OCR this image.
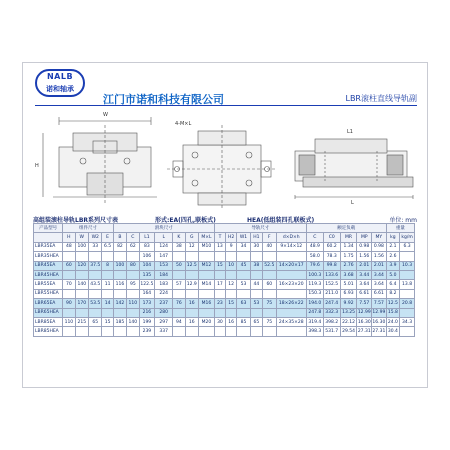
NALB
诺和轴承
江门市诺和科技有限公司	LBR滚柱直线导轨副
4-M×L
H
W
L
L1
高组装滚柱导轨LBR系列尺寸表	形式:EA(四孔,联板式)	HEA(低组装四孔联板式)	单位: mm
产品型号	组件尺寸				滑块尺寸							导轨尺寸						额定负载					重量	
	H	W	W2	E	B	C	L1	L	K	G	M×L	T	H2	W1	H1	F	d×D×h	C	C0	MR	MP	MY	kg	kg/m
LBR35EA	48	100	33	6.5	82	62	83	124	38	12	M10	13	9	34	30	40	9×14×12	48.9	60.2	1.34	0.98	0.98	2.1	6.3
LBR35HEA							106	147										58.0	78.3	1.75	1.56	1.56	2.6	
LBR45EA	60	120	37.5	8	100	80	104	153	50	12.5	M12	15	10	45	38	52.5	14×20×17	79.6	99.8	2.76	2.01	2.01	3.9	10.3
LBR45HEA							135	184										100.3	133.6	3.68	3.44	3.44	5.0	
LBR55EA	70	140	43.5	11	116	95	122.5	183	57	12.9	M14	17	12	53	44	60	16×23×20	119.3	152.5	5.01	3.64	3.64	6.4	13.8
LBR55HEA							164	224										150.3	211.0	6.93	6.61	6.61	8.2	
LBR65EA	90	170	53.5	14	142	110	173	237	76	16	M16	23	15	63	53	75	18×26×22	194.0	247.4	9.92	7.57	7.57	12.5	20.8
LBR65HEA							216	280										247.8	332.3	13.25	12.99	12.99	15.8	
LBR85EA	110	215	65	15	185	140	199	297	94	16	M20	30	16	85	65	75	24×35×28	319.4	398.2	22.12	16.30	16.30	24.0	34.3
LBR85HEA							239	337										398.3	531.7	29.54	27.31	27.31	30.4	
